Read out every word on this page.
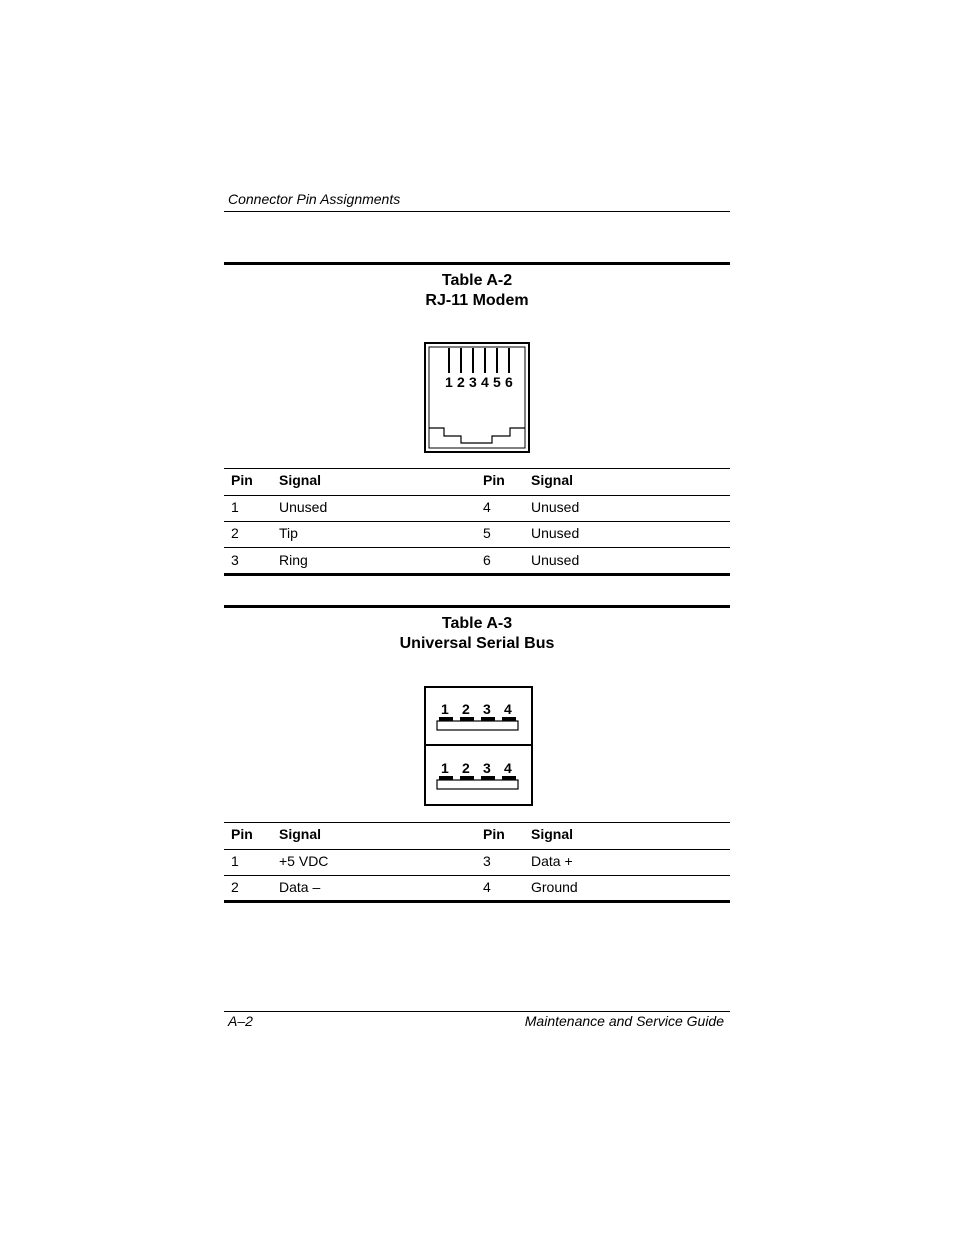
Connector Pin Assignments
Table A-2
RJ-11 Modem
1 2 3 4 5 6
Pin Signal	Pin Signal
1	Unused	4	Unused
2	Tip	5	Unused
3	Ring	6	Unused
Table A-3
Universal Serial Bus
1 2 3 4
1 2 3 4
Pin Signal	Pin Signal
1	+5 VDC	3	Data +
2	Data –	4	Ground
A–2	Maintenance and Service Guide
